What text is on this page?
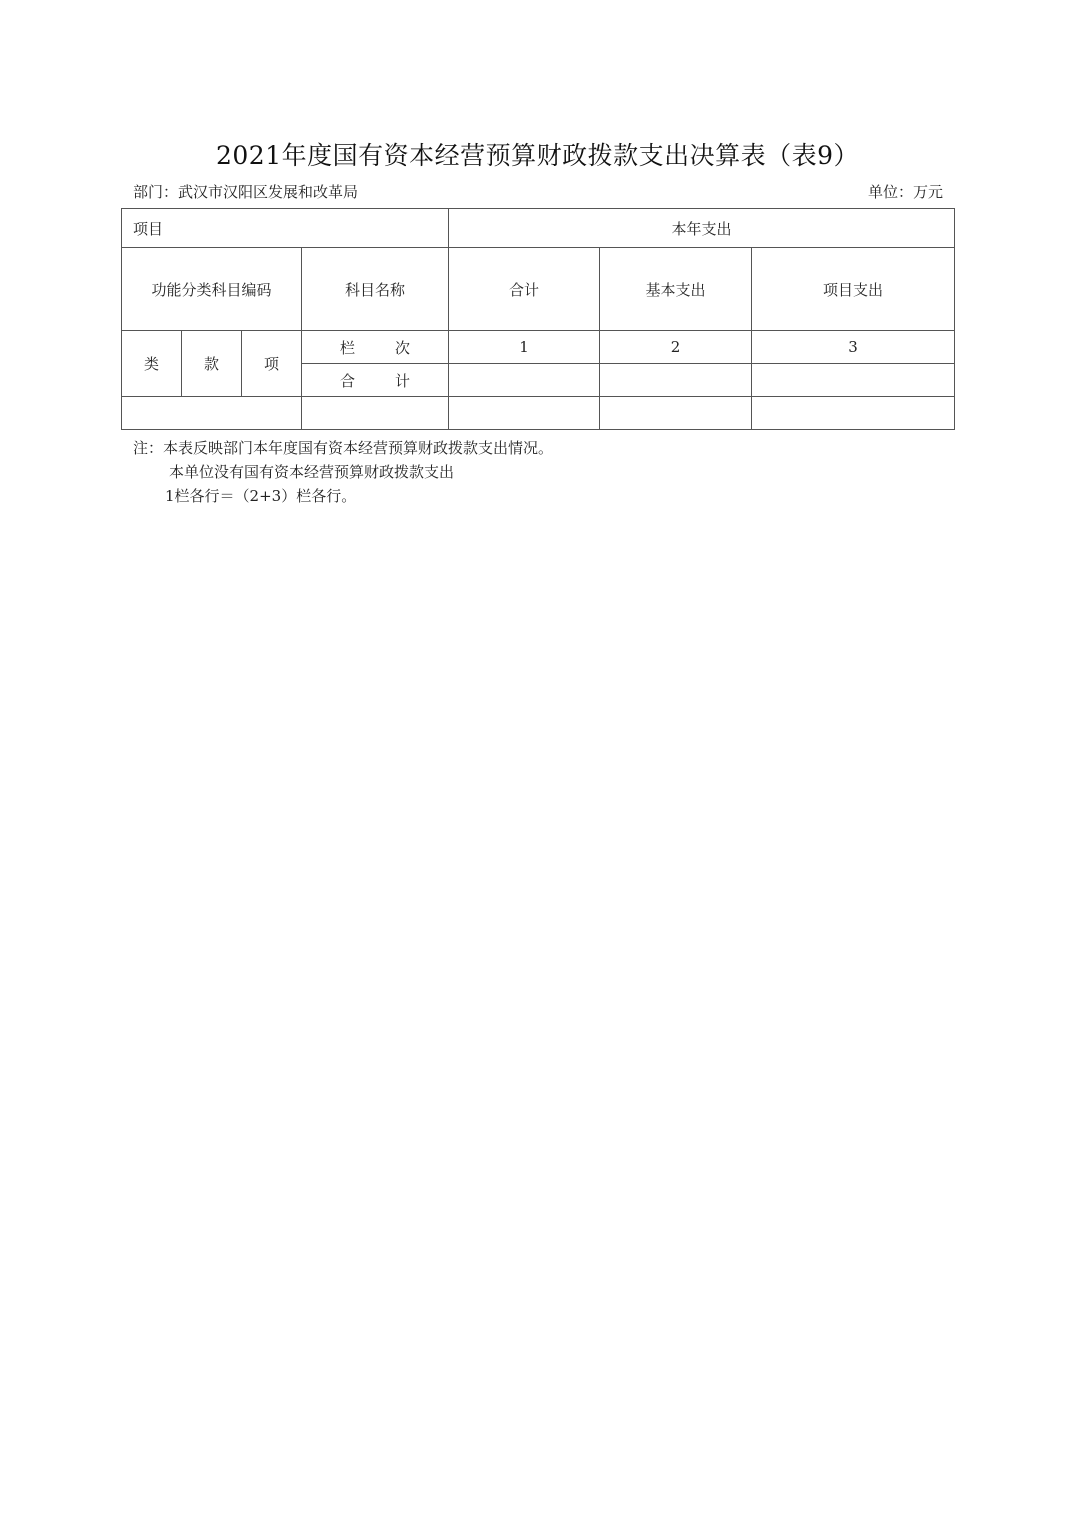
2021年度国有资本经营预算财政拨款支出决算表（表9）
部门：武汉市汉阳区发展和改革局	单位：万元
项目				本年支出		
功能分类科目编码			科目名称	合计	基本支出	项目支出
类	款	项	栏 次	1	2	3
			合 计			

注：本表反映部门本年度国有资本经营预算财政拨款支出情况。
本单位没有国有资本经营预算财政拨款支出
1栏各行＝（2+3）栏各行。
